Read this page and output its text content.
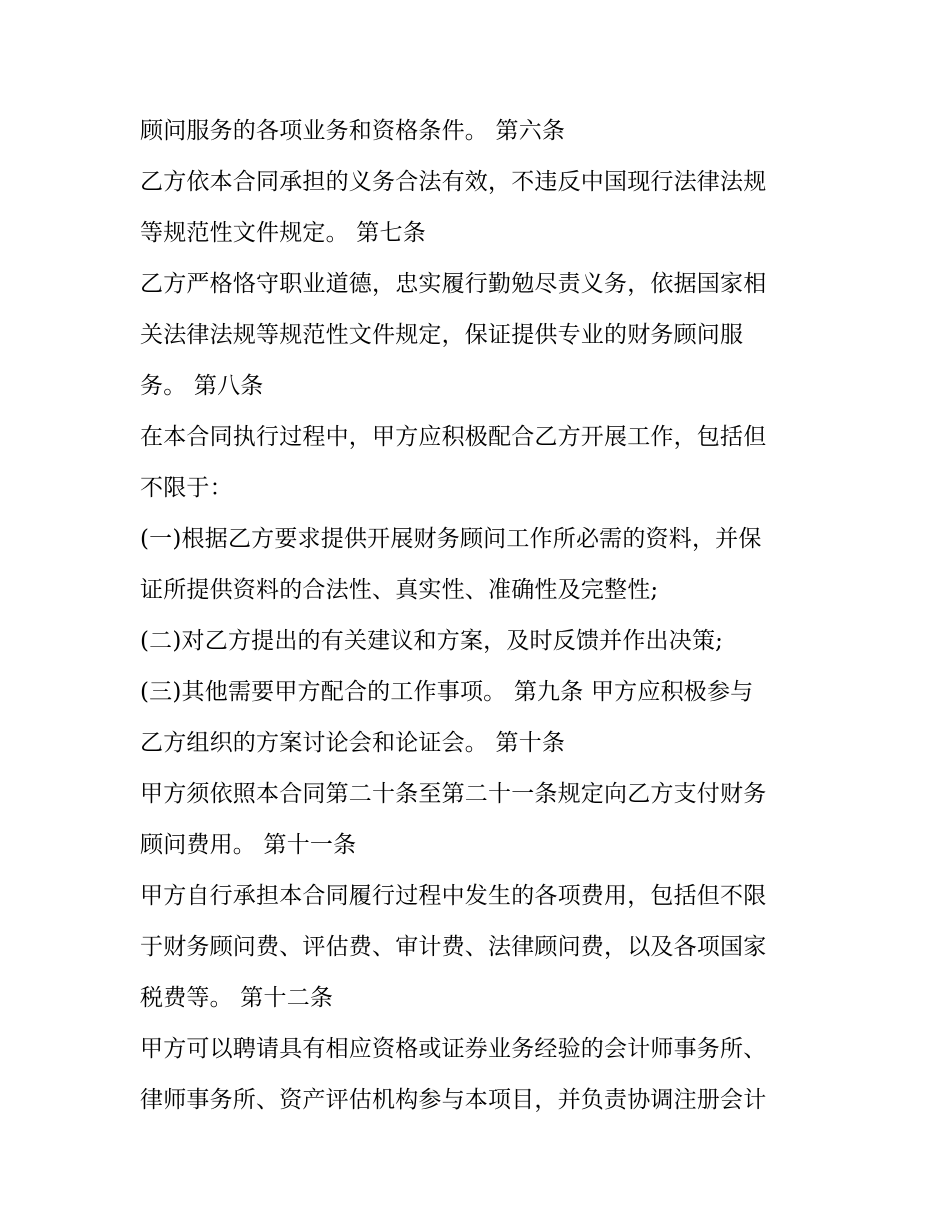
顾问服务的各项业务和资格条件。 第六条
乙方依本合同承担的义务合法有效，不违反中国现行法律法规
等规范性文件规定。 第七条
乙方严格恪守职业道德，忠实履行勤勉尽责义务，依据国家相
关法律法规等规范性文件规定，保证提供专业的财务顾问服
务。 第八条
在本合同执行过程中，甲方应积极配合乙方开展工作，包括但
不限于：
(一)根据乙方要求提供开展财务顾问工作所必需的资料，并保
证所提供资料的合法性、真实性、准确性及完整性;
(二)对乙方提出的有关建议和方案，及时反馈并作出决策;
(三)其他需要甲方配合的工作事项。 第九条 甲方应积极参与
乙方组织的方案讨论会和论证会。 第十条
甲方须依照本合同第二十条至第二十一条规定向乙方支付财务
顾问费用。 第十一条
甲方自行承担本合同履行过程中发生的各项费用，包括但不限
于财务顾问费、评估费、审计费、法律顾问费，以及各项国家
税费等。 第十二条
甲方可以聘请具有相应资格或证券业务经验的会计师事务所、
律师事务所、资产评估机构参与本项目，并负责协调注册会计
